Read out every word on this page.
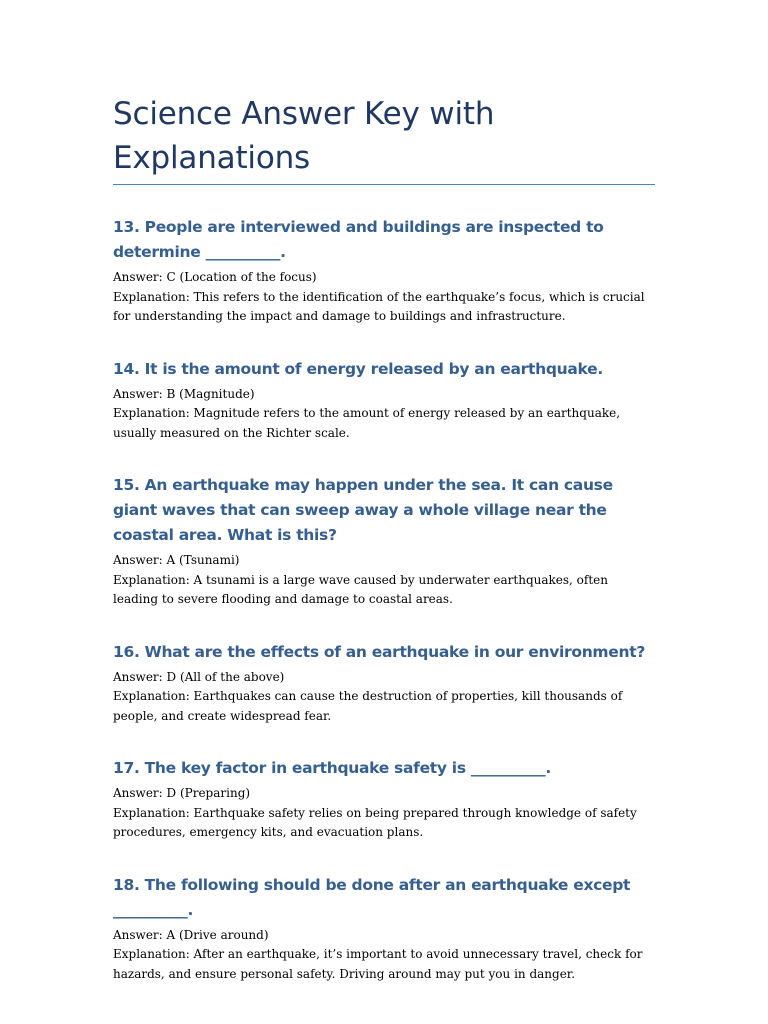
Science Answer Key with Explanations

13. People are interviewed and buildings are inspected to determine __________.

Answer: C (Location of the focus)

Explanation: This refers to the identification of the earthquake’s focus, which is crucial for understanding the impact and damage to buildings and infrastructure.

14. It is the amount of energy released by an earthquake.

Answer: B (Magnitude)

Explanation: Magnitude refers to the amount of energy released by an earthquake, usually measured on the Richter scale.

15. An earthquake may happen under the sea. It can cause giant waves that can sweep away a whole village near the coastal area. What is this?

Answer: A (Tsunami)

Explanation: A tsunami is a large wave caused by underwater earthquakes, often leading to severe flooding and damage to coastal areas.

16. What are the effects of an earthquake in our environment?

Answer: D (All of the above)

Explanation: Earthquakes can cause the destruction of properties, kill thousands of people, and create widespread fear.

17. The key factor in earthquake safety is __________.

Answer: D (Preparing)

Explanation: Earthquake safety relies on being prepared through knowledge of safety procedures, emergency kits, and evacuation plans.

18. The following should be done after an earthquake except __________.

Answer: A (Drive around)

Explanation: After an earthquake, it’s important to avoid unnecessary travel, check for hazards, and ensure personal safety. Driving around may put you in danger.
